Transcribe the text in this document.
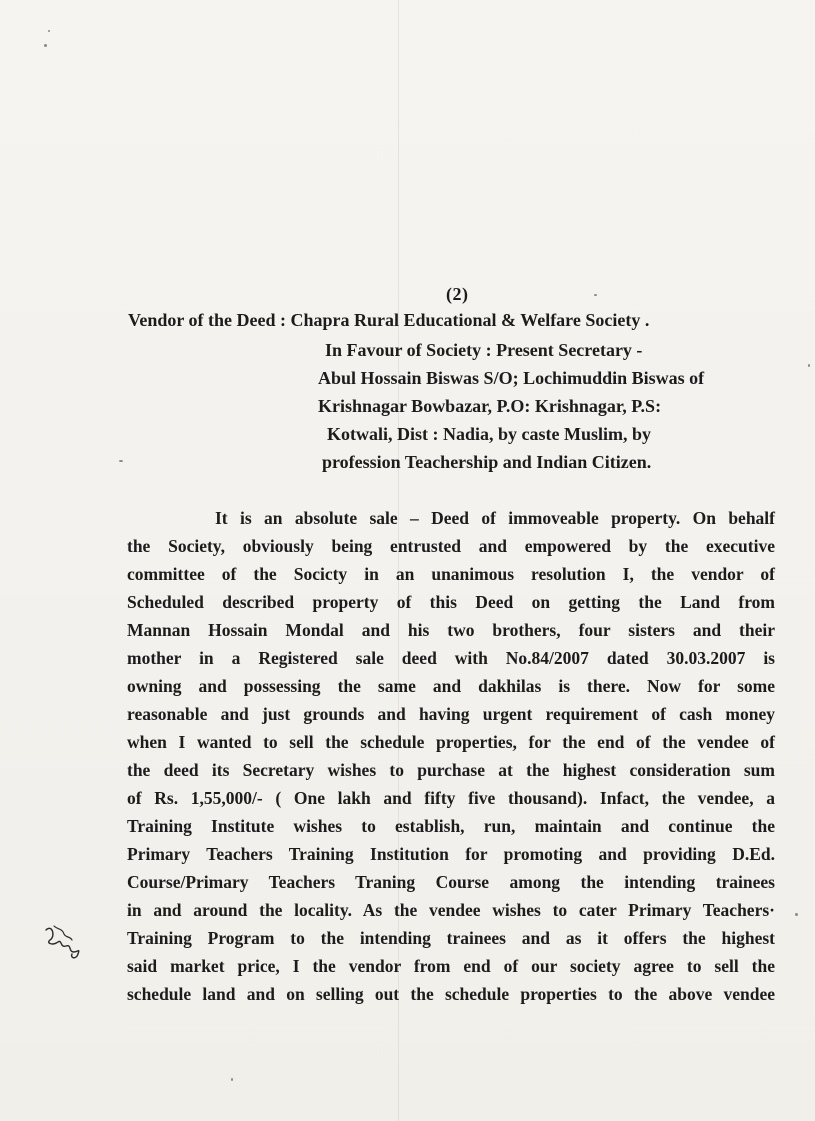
(2)
Vendor of the Deed : Chapra Rural Educational & Welfare Society .
In Favour of Society : Present Secretary -
Abul Hossain Biswas S/O; Lochimuddin Biswas of
Krishnagar Bowbazar, P.O: Krishnagar, P.S:
Kotwali, Dist : Nadia, by caste Muslim, by
profession Teachership and Indian Citizen.
It is an absolute sale – Deed of immoveable property. On behalf
the Society, obviously being entrusted and empowered by the executive
committee of the Socicty in an unanimous resolution I, the vendor of
Scheduled described property of this Deed on getting the Land from
Mannan Hossain Mondal and his two brothers, four sisters and their
mother in a Registered sale deed with No.84/2007 dated 30.03.2007 is
owning and possessing the same and dakhilas is there. Now for some
reasonable and just grounds and having urgent requirement of cash money
when I wanted to sell the schedule properties, for the end of the vendee of
the deed its Secretary wishes to purchase at the highest consideration sum
of Rs. 1,55,000/- ( One lakh and fifty five thousand). Infact, the vendee, a
Training Institute wishes to establish, run, maintain and continue the
Primary Teachers Training Institution for promoting and providing D.Ed.
Course/Primary Teachers Traning Course among the intending trainees
in and around the locality. As the vendee wishes to cater Primary Teachers·
Training Program to the intending trainees and as it offers the highest
said market price, I the vendor from end of our society agree to sell the
schedule land and on selling out the schedule properties to the above vendee
